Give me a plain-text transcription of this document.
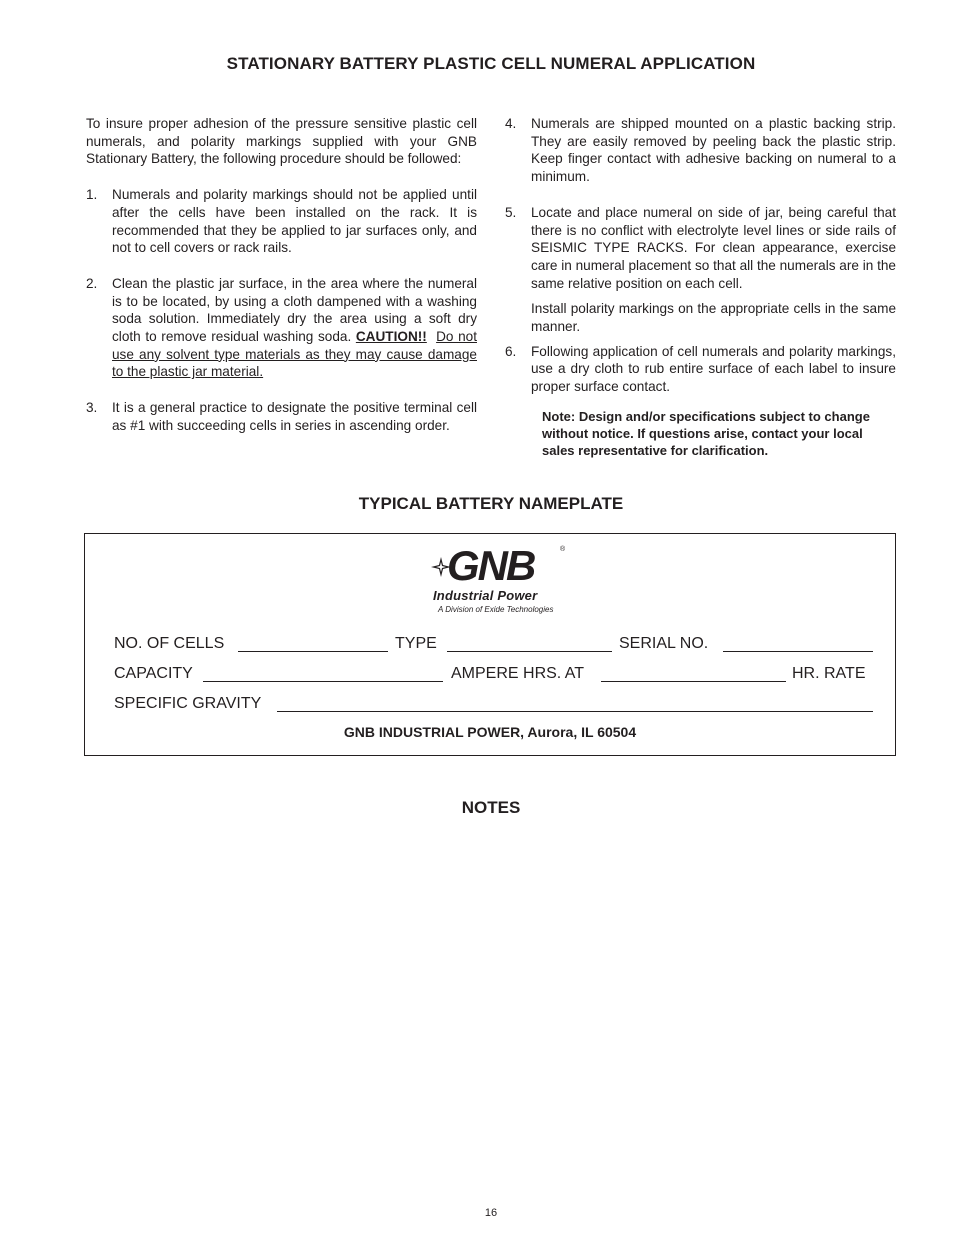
STATIONARY BATTERY PLASTIC CELL NUMERAL APPLICATION

To insure proper adhesion of the pressure sensitive plastic cell numerals, and polarity markings supplied with your GNB Stationary Battery, the following procedure should be followed:

1. Numerals and polarity markings should not be applied until after the cells have been installed on the rack. It is recommended that they be applied to jar surfaces only, and not to cell covers or rack rails.

2. Clean the plastic jar surface, in the area where the numeral is to be located, by using a cloth dampened with a washing soda solution. Immediately dry the area using a soft dry cloth to remove residual washing soda. CAUTION!! Do not use any solvent type materials as they may cause damage to the plastic jar material.

3. It is a general practice to designate the positive terminal cell as #1 with succeeding cells in series in ascending order.

4. Numerals are shipped mounted on a plastic backing strip. They are easily removed by peeling back the plastic strip. Keep finger contact with adhesive backing on numeral to a minimum.

5. Locate and place numeral on side of jar, being careful that there is no conflict with electrolyte level lines or side rails of SEISMIC TYPE RACKS. For clean appearance, exercise care in numeral placement so that all the numerals are in the same relative position on each cell.

Install polarity markings on the appropriate cells in the same manner.

6. Following application of cell numerals and polarity markings, use a dry cloth to rub entire surface of each label to insure proper surface contact.

Note: Design and/or specifications subject to change without notice. If questions arise, contact your local sales representative for clarification.

TYPICAL BATTERY NAMEPLATE
GNB	®
Industrial Power
A Division of Exide Technologies
NO. OF CELLS	TYPE	SERIAL NO.
CAPACITY	AMPERE HRS. AT	HR. RATE
SPECIFIC GRAVITY
GNB INDUSTRIAL POWER, Aurora, IL 60504
NOTES
16
